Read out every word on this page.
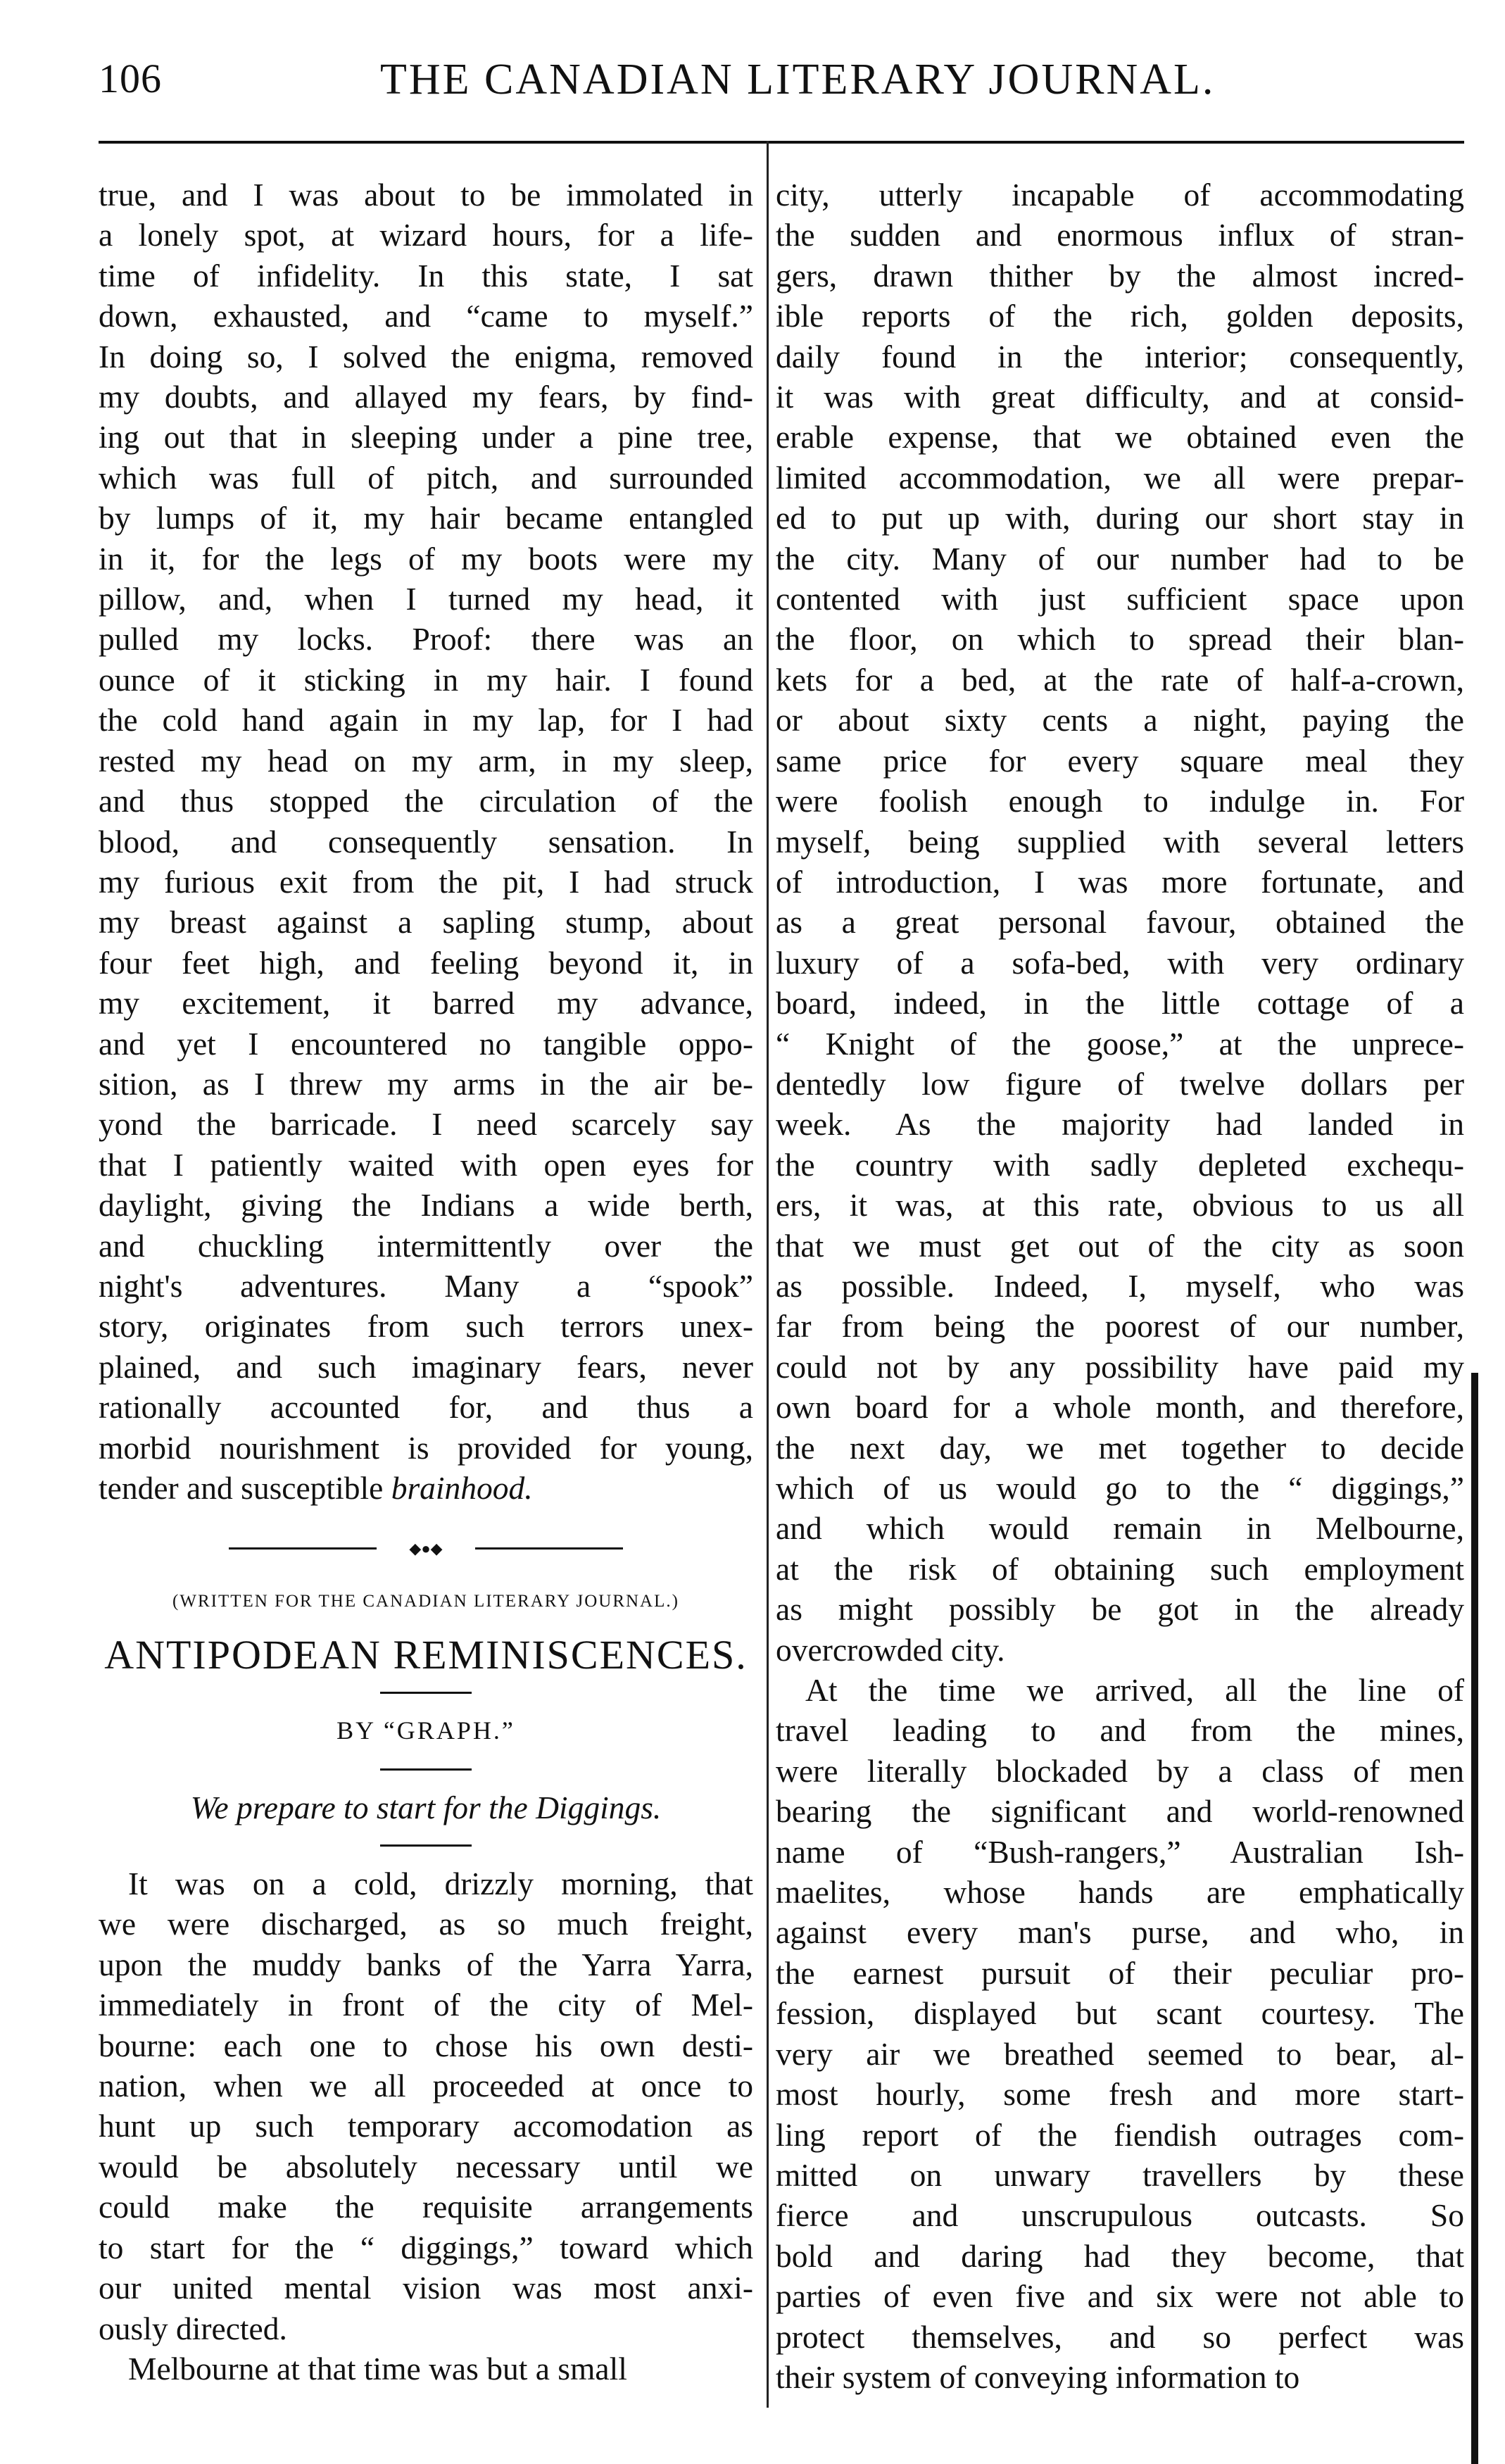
106	THE CANADIAN LITERARY JOURNAL.

true, and I was about to be immolated in
a lonely spot, at wizard hours, for a life-
time of infidelity. In this state, I sat
down, exhausted, and “came to myself.”
In doing so, I solved the enigma, removed
my doubts, and allayed my fears, by find-
ing out that in sleeping under a pine tree,
which was full of pitch, and surrounded
by lumps of it, my hair became entangled
in it, for the legs of my boots were my
pillow, and, when I turned my head, it
pulled my locks. Proof: there was an
ounce of it sticking in my hair. I found
the cold hand again in my lap, for I had
rested my head on my arm, in my sleep,
and thus stopped the circulation of the
blood, and consequently sensation. In
my furious exit from the pit, I had struck
my breast against a sapling stump, about
four feet high, and feeling beyond it, in
my excitement, it barred my advance,
and yet I encountered no tangible oppo-
sition, as I threw my arms in the air be-
yond the barricade. I need scarcely say
that I patiently waited with open eyes for
daylight, giving the Indians a wide berth,
and chuckling intermittently over the
night's adventures. Many a “spook”
story, originates from such terrors unex-
plained, and such imaginary fears, never
rationally accounted for, and thus a
morbid nourishment is provided for young,
tender and susceptible brainhood.

◆●◆
(WRITTEN FOR THE CANADIAN LITERARY JOURNAL.)
ANTIPODEAN REMINISCENCES.
BY “GRAPH.”
We prepare to start for the Diggings.

It was on a cold, drizzly morning, that
we were discharged, as so much freight,
upon the muddy banks of the Yarra Yarra,
immediately in front of the city of Mel-
bourne: each one to chose his own desti-
nation, when we all proceeded at once to
hunt up such temporary accomodation as
would be absolutely necessary until we
could make the requisite arrangements
to start for the “ diggings,” toward which
our united mental vision was most anxi-
ously directed.

Melbourne at that time was but a small

city, utterly incapable of accommodating
the sudden and enormous influx of stran-
gers, drawn thither by the almost incred-
ible reports of the rich, golden deposits,
daily found in the interior; consequently,
it was with great difficulty, and at consid-
erable expense, that we obtained even the
limited accommodation, we all were prepar-
ed to put up with, during our short stay in
the city. Many of our number had to be
contented with just sufficient space upon
the floor, on which to spread their blan-
kets for a bed, at the rate of half-a-crown,
or about sixty cents a night, paying the
same price for every square meal they
were foolish enough to indulge in. For
myself, being supplied with several letters
of introduction, I was more fortunate, and
as a great personal favour, obtained the
luxury of a sofa-bed, with very ordinary
board, indeed, in the little cottage of a
“ Knight of the goose,” at the unprece-
dentedly low figure of twelve dollars per
week. As the majority had landed in
the country with sadly depleted exchequ-
ers, it was, at this rate, obvious to us all
that we must get out of the city as soon
as possible. Indeed, I, myself, who was
far from being the poorest of our number,
could not by any possibility have paid my
own board for a whole month, and therefore,
the next day, we met together to decide
which of us would go to the “ diggings,”
and which would remain in Melbourne,
at the risk of obtaining such employment
as might possibly be got in the already
overcrowded city.

At the time we arrived, all the line of
travel leading to and from the mines,
were literally blockaded by a class of men
bearing the significant and world-renowned
name of “Bush-rangers,” Australian Ish-
maelites, whose hands are emphatically
against every man's purse, and who, in
the earnest pursuit of their peculiar pro-
fession, displayed but scant courtesy. The
very air we breathed seemed to bear, al-
most hourly, some fresh and more start-
ling report of the fiendish outrages com-
mitted on unwary travellers by these
fierce and unscrupulous outcasts. So
bold and daring had they become, that
parties of even five and six were not able to
protect themselves, and so perfect was
their system of conveying information to
